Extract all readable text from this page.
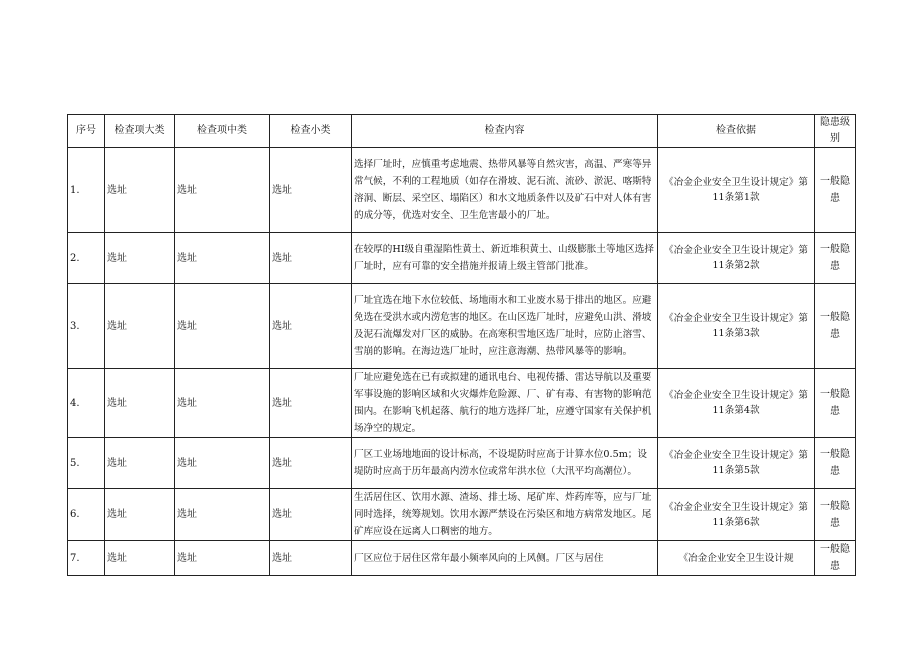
序号	检查项大类	检查项中类	检查小类	检查内容	检查依据	隐患级别
1.	选址	选址	选址	选择厂址时，应慎重考虑地震、热带风暴等自然灾害，高温、严寒等异常气候，不利的工程地质（如存在滑坡、泥石流、流砂、淤泥、喀斯特溶洞、断层、采空区、塌陷区）和水文地质条件以及矿石中对人体有害的成分等，优选对安全、卫生危害最小的厂址。	《冶金企业安全卫生设计规定》第11条第1款	一般隐患
2.	选址	选址	选址	在较厚的HI级自重湿陷性黄土、新近堆积黄土、山级膨胀土等地区选择厂址时，应有可靠的安全措施并报请上级主管部门批准。	《冶金企业安全卫生设计规定》第11条第2款	一般隐患
3.	选址	选址	选址	厂址宜选在地下水位较低、场地雨水和工业废水易于排出的地区。应避免选在受洪水或内涝危害的地区。在山区选厂址时，应避免山洪、滑坡及泥石流爆发对厂区的威胁。在高寒积雪地区选厂址时，应防止溶雪、雪崩的影响。在海边选厂址时，应注意海潮、热带风暴等的影响。	《冶金企业安全卫生设计规定》第11条第3款	一般隐患
4.	选址	选址	选址	厂址应避免选在已有或拟建的通讯电台、电视传播、雷达导航以及重要军事设施的影响区域和火灾爆炸危险源、厂、矿有毒、有害物的影响范围内。在影响飞机起落、航行的地方选择厂址，应遵守国家有关保护机场净空的规定。	《冶金企业安全卫生设计规定》第11条第4款	一般隐患
5.	选址	选址	选址	厂区工业场地地面的设计标高，不设堤防时应高于计算水位0.5m；设堤防时应高于历年最高内涝水位或常年洪水位（大汛平均高潮位）。	《冶金企业安全卫生设计规定》第11条第5款	一般隐患
6.	选址	选址	选址	生活居住区、饮用水源、渣场、排土场、尾矿库、炸药库等，应与厂址同时选择，统筹规划。饮用水源严禁设在污染区和地方病常发地区。尾矿库应设在远离人口稠密的地方。	《冶金企业安全卫生设计规定》第11条第6款	一般隐患
7.	选址	选址	选址	厂区应位于居住区常年最小频率风向的上风侧。厂区与居住	《冶金企业安全卫生设计规	一般隐患
